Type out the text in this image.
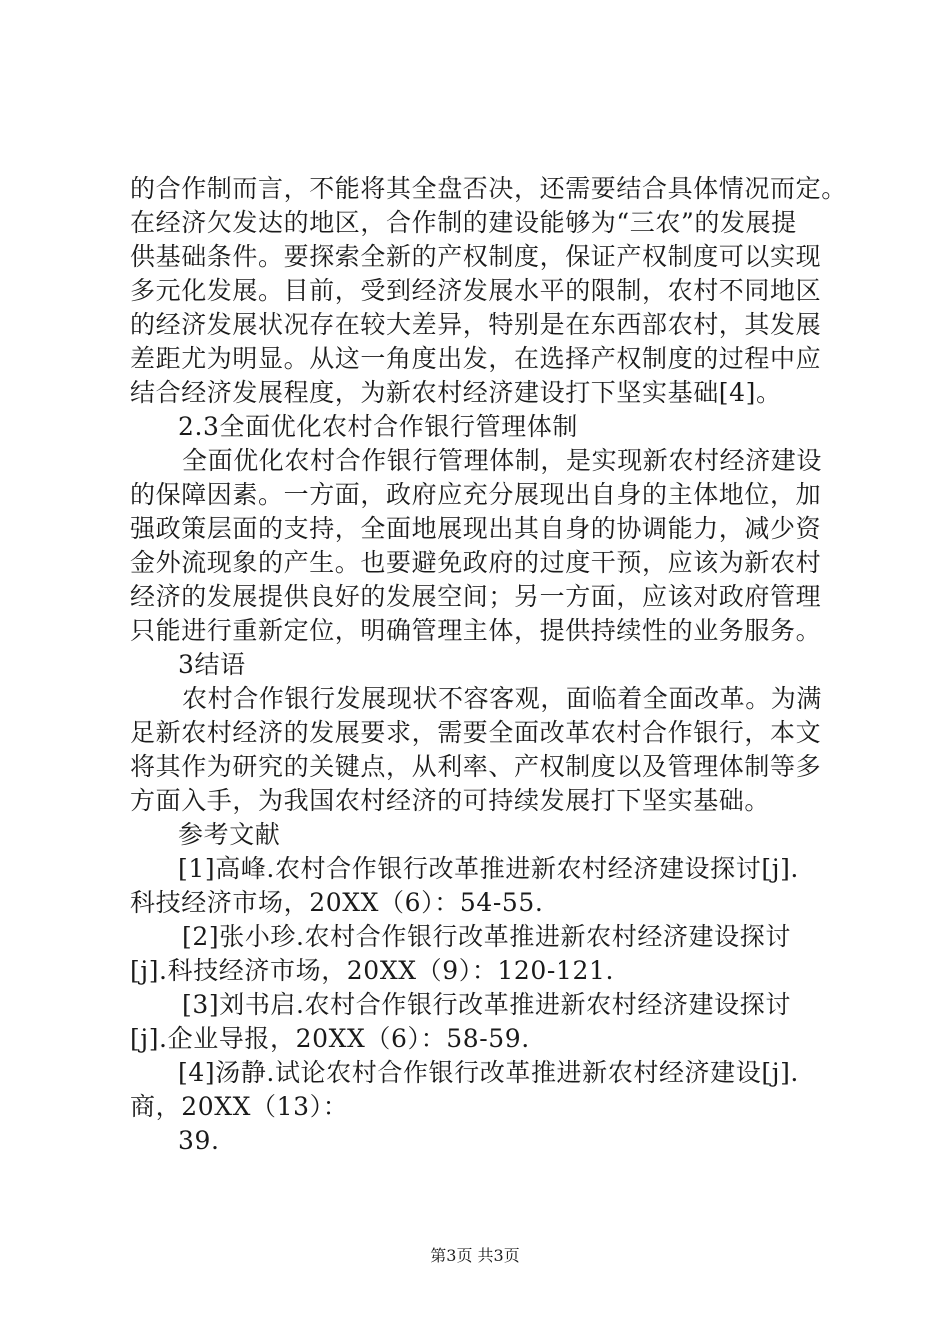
的合作制而言，不能将其全盘否决，还需要结合具体情况而定。
在经济欠发达的地区，合作制的建设能够为“三农”的发展提
供基础条件。要探索全新的产权制度，保证产权制度可以实现
多元化发展。目前，受到经济发展水平的限制，农村不同地区
的经济发展状况存在较大差异，特别是在东西部农村，其发展
差距尤为明显。从这一角度出发，在选择产权制度的过程中应
结合经济发展程度，为新农村经济建设打下坚实基础[4]。
2.3全面优化农村合作银行管理体制
全面优化农村合作银行管理体制，是实现新农村经济建设
的保障因素。一方面，政府应充分展现出自身的主体地位，加
强政策层面的支持，全面地展现出其自身的协调能力，减少资
金外流现象的产生。也要避免政府的过度干预，应该为新农村
经济的发展提供良好的发展空间；另一方面，应该对政府管理
只能进行重新定位，明确管理主体，提供持续性的业务服务。
3结语
农村合作银行发展现状不容客观，面临着全面改革。为满
足新农村经济的发展要求，需要全面改革农村合作银行，本文
将其作为研究的关键点，从利率、产权制度以及管理体制等多
方面入手，为我国农村经济的可持续发展打下坚实基础。
参考文献
[1]高峰.农村合作银行改革推进新农村经济建设探讨[j].
科技经济市场，20XX（6）：54-55.
[2]张小珍.农村合作银行改革推进新农村经济建设探讨
[j].科技经济市场，20XX（9）：120-121.
[3]刘书启.农村合作银行改革推进新农村经济建设探讨
[j].企业导报，20XX（6）：58-59.
[4]汤静.试论农村合作银行改革推进新农村经济建设[j].
商，20XX（13）：
39.
第3页 共3页
